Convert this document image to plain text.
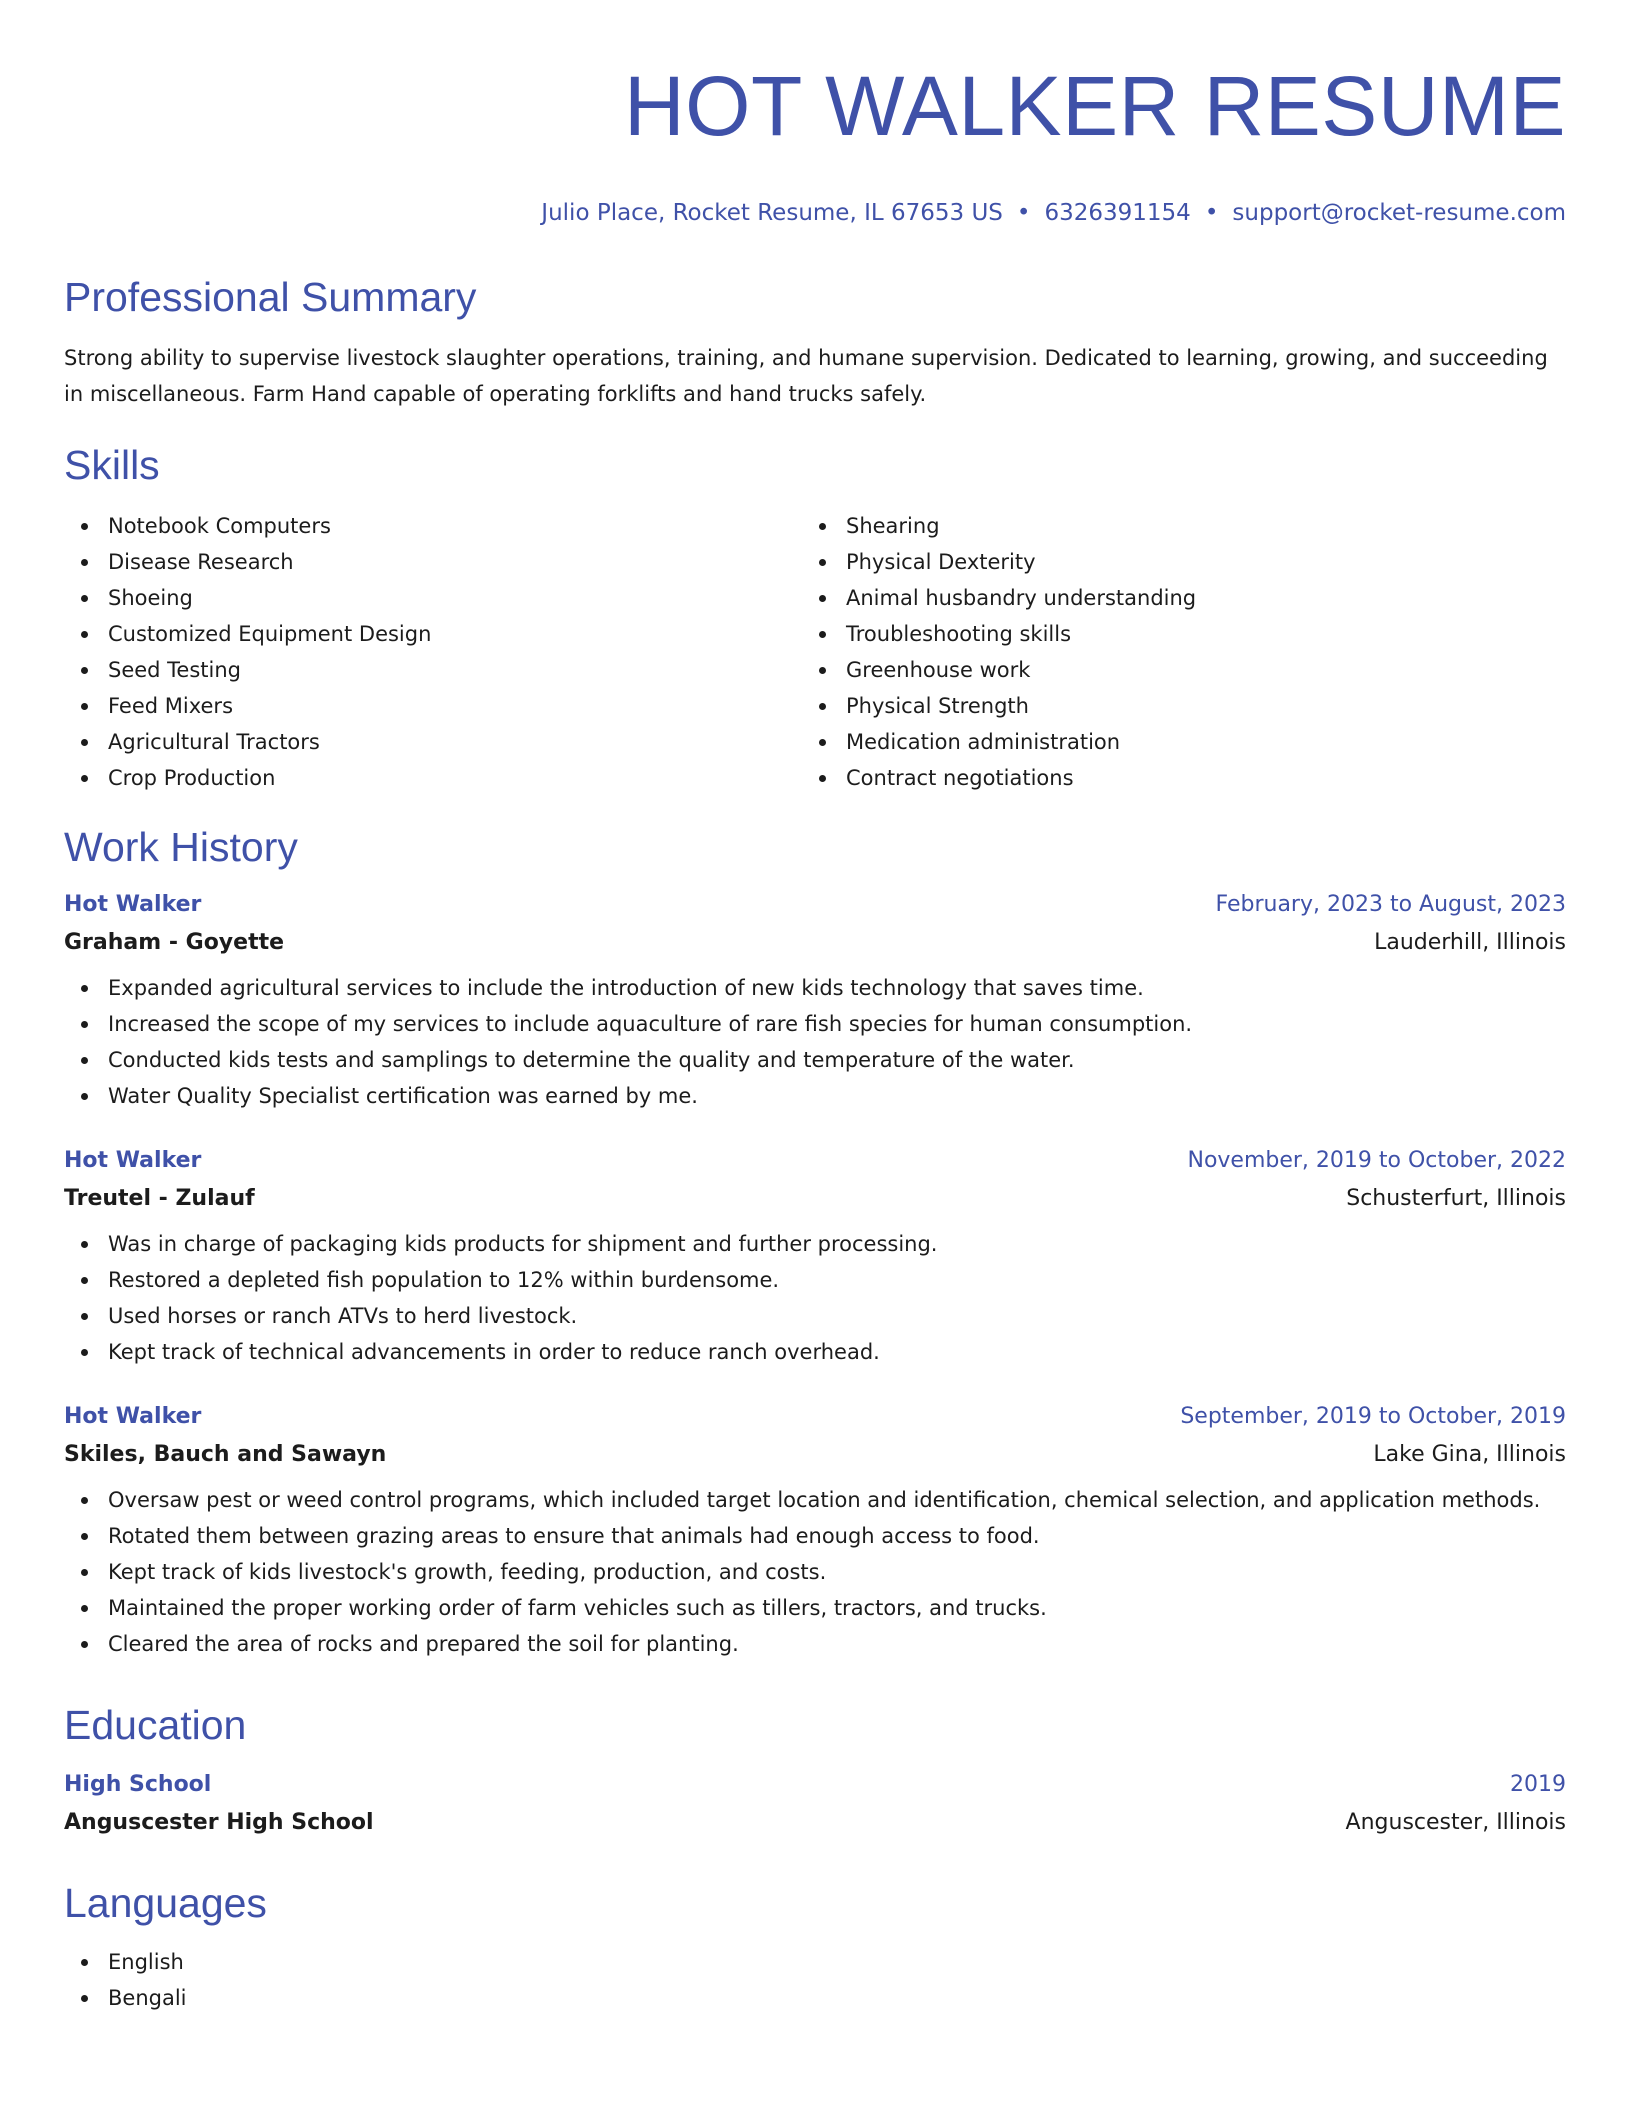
HOT WALKER RESUME
Julio Place, Rocket Resume, IL 67653 US • 6326391154 • support@rocket-resume.com
Professional Summary

Strong ability to supervise livestock slaughter operations, training, and humane supervision. Dedicated to learning, growing, and succeeding in miscellaneous. Farm Hand capable of operating forklifts and hand trucks safely.

Skills
Notebook Computers
Disease Research
Shoeing
Customized Equipment Design
Seed Testing
Feed Mixers
Agricultural Tractors
Crop Production
Shearing
Physical Dexterity
Animal husbandry understanding
Troubleshooting skills
Greenhouse work
Physical Strength
Medication administration
Contract negotiations
Work History
Hot Walker	February, 2023 to August, 2023
Graham - Goyette	Lauderhill, Illinois
Expanded agricultural services to include the introduction of new kids technology that saves time.
Increased the scope of my services to include aquaculture of rare fish species for human consumption.
Conducted kids tests and samplings to determine the quality and temperature of the water.
Water Quality Specialist certification was earned by me.
Hot Walker	November, 2019 to October, 2022
Treutel - Zulauf	Schusterfurt, Illinois
Was in charge of packaging kids products for shipment and further processing.
Restored a depleted fish population to 12% within burdensome.
Used horses or ranch ATVs to herd livestock.
Kept track of technical advancements in order to reduce ranch overhead.
Hot Walker	September, 2019 to October, 2019
Skiles, Bauch and Sawayn	Lake Gina, Illinois
Oversaw pest or weed control programs, which included target location and identification, chemical selection, and application methods.
Rotated them between grazing areas to ensure that animals had enough access to food.
Kept track of kids livestock's growth, feeding, production, and costs.
Maintained the proper working order of farm vehicles such as tillers, tractors, and trucks.
Cleared the area of rocks and prepared the soil for planting.
Education
High School	2019
Anguscester High School	Anguscester, Illinois
Languages
English
Bengali
